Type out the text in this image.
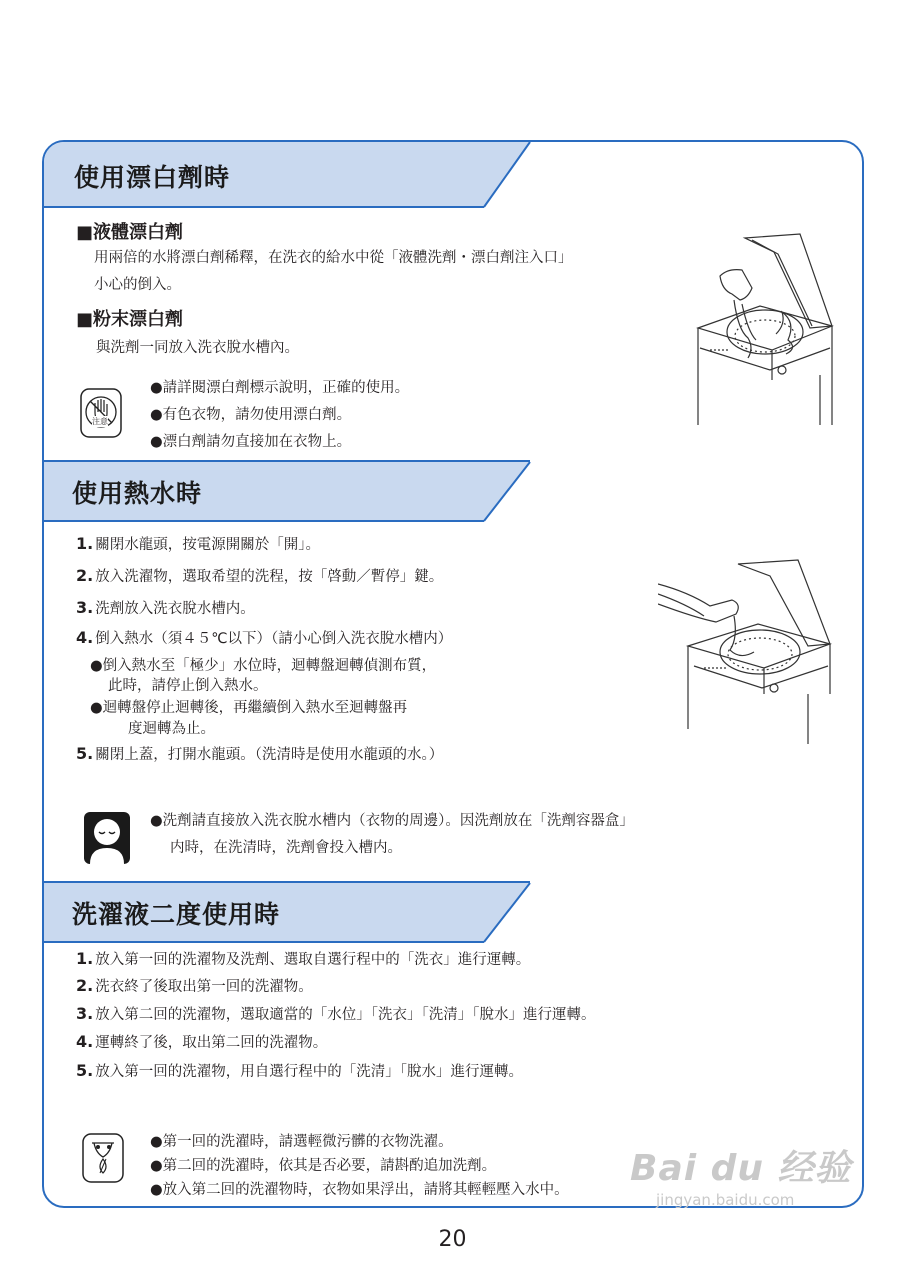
使用漂白劑時
■液體漂白劑
用兩倍的水將漂白劑稀釋，在洗衣的給水中從「液體洗劑・漂白劑注入口」
小心的倒入。
■粉末漂白劑
與洗劑一同放入洗衣脫水槽內。
注意
●請詳閱漂白劑標示說明，正確的使用。
●有色衣物，請勿使用漂白劑。
●漂白劑請勿直接加在衣物上。
使用熱水時
1. 關閉水龍頭，按電源開關於「開」。
2. 放入洗濯物，選取希望的洗程，按「啓動／暫停」鍵。
3. 洗劑放入洗衣脫水槽内。
4. 倒入熱水（須４５℃以下）（請小心倒入洗衣脫水槽内）
●倒入熱水至「極少」水位時，迴轉盤迴轉偵測布質，
此時，請停止倒入熱水。
●迴轉盤停止迴轉後，再繼續倒入熱水至迴轉盤再
度迴轉為止。
5. 關閉上蓋，打開水龍頭。（洗清時是使用水龍頭的水。）
●洗劑請直接放入洗衣脫水槽内（衣物的周邊）。因洗劑放在「洗劑容器盒」
内時，在洗清時，洗劑會投入槽内。
洗濯液二度使用時
1. 放入第一回的洗濯物及洗劑、選取自選行程中的「洗衣」進行運轉。
2. 洗衣終了後取出第一回的洗濯物。
3. 放入第二回的洗濯物，選取適當的「水位」「洗衣」「洗清」「脫水」進行運轉。
4. 運轉終了後，取出第二回的洗濯物。
5. 放入第一回的洗濯物，用自選行程中的「洗清」「脫水」進行運轉。
●第一回的洗濯時，請選輕微污髒的衣物洗濯。
●第二回的洗濯時，依其是否必要，請斟酌追加洗劑。
●放入第二回的洗濯物時，衣物如果浮出，請將其輕輕壓入水中。
20
Bai du 经验
jingyan.baidu.com
